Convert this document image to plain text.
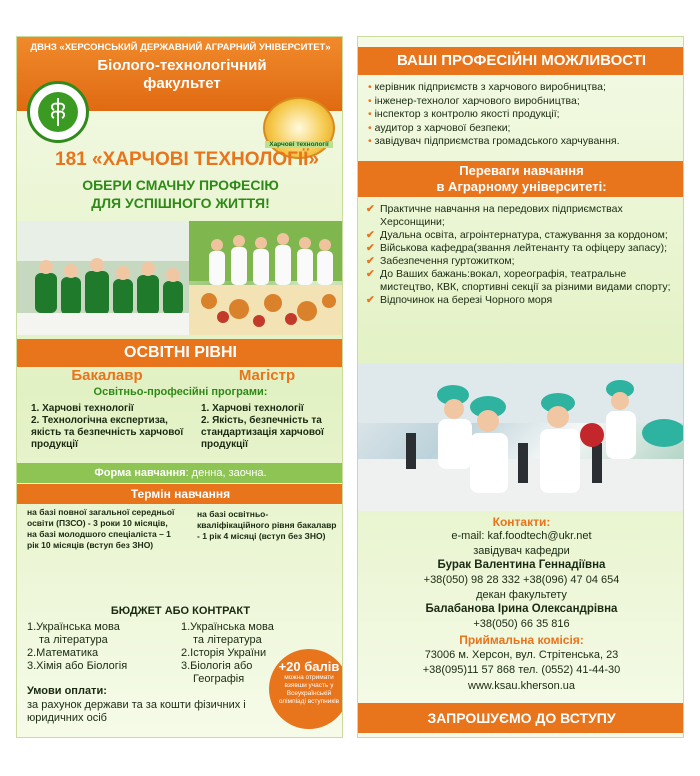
ДВНЗ «ХЕРСОНСЬКИЙ ДЕРЖАВНИЙ АГРАРНИЙ УНІВЕРСИТЕТ»
Біолого-технологічний
факультет
Харчові технології
181 «ХАРЧОВІ ТЕХНОЛОГІЇ»
ОБЕРИ СМАЧНУ ПРОФЕСІЮ
ДЛЯ УСПІШНОГО ЖИТТЯ!
ОСВІТНІ РІВНІ
Бакалавр	Магістр
Освітньо-професійні програми:
1. Харчові технології
2. Технологічна експертиза, якість та безпечність харчової продукції
1. Харчові технології
2. Якість, безпечність та стандартизація харчової продукції
Форма навчання: денна, заочна.
Термін навчання
на базі повної загальної середньої освіти (ПЗСО) - 3 роки 10 місяців, на базі молодшого спеціаліста – 1 рік 10 місяців (вступ без ЗНО)
на базі освітньо-кваліфікаційного рівня бакалавр - 1 рік 4 місяці (вступ без ЗНО)
БЮДЖЕТ АБО КОНТРАКТ
1.Українська мова
та література
2.Математика
3.Хімія або Біологія
1.Українська мова
та література
2.Історія України
3.Біологія або
Географія
+20 балів
можна отримати взявши участь у Всеукраїнській олімпіаді вступників
Умови оплати:
за рахунок держави та за кошти фізичних і юридичних осіб
ВАШІ ПРОФЕСІЙНІ МОЖЛИВОСТІ
• керівник підприємств з харчового виробництва;
• інженер-технолог харчового виробництва;
• інспектор з контролю якості продукції;
• аудитор з харчової безпеки;
• завідувач підприємства громадського харчування.
Переваги навчання
в Аграрному університеті:
✔ Практичне навчання на передових підприємствах Херсонщини;
✔ Дуальна освіта, агроінтернатура, стажування за кордоном;
✔ Військова кафедра(звання лейтенанту та офіцеру запасу);
✔ Забезпечення гуртожитком;
✔ До Ваших бажань:вокал, хореографія, театральне мистецтво, КВК, спортивні секції за різними видами спорту;
✔ Відпочинок на березі Чорного моря
Контакти:
e-mail: kaf.foodtech@ukr.net
завідувач кафедри
Бурак Валентина Геннадіївна
+38(050) 98 28 332 +38(096) 47 04 654
декан факультету
Балабанова Ірина Олександрівна
+38(050) 66 35 816
Приймальна комісія:
73006 м. Херсон, вул. Стрітенська, 23
+38(095)11 57 868 тел. (0552) 41-44-30
www.ksau.kherson.ua
ЗАПРОШУЄМО ДО ВСТУПУ
